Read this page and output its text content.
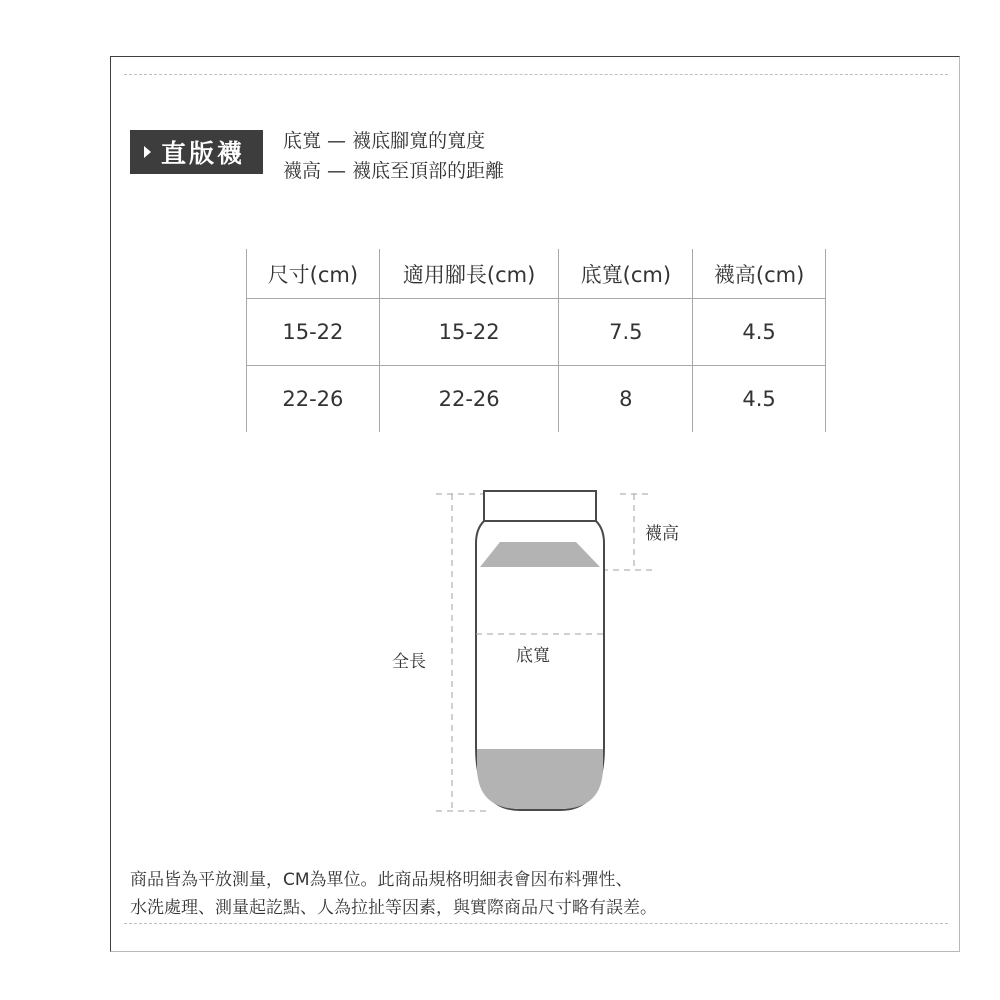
直版襪 底寬 — 襪底腳寬的寬度
襪高 — 襪底至頂部的距離
尺寸(cm)	適用腳長(cm)	底寬(cm)	襪高(cm)
15-22	15-22	7.5	4.5
22-26	22-26	8	4.5
襪高
全長	底寬
商品皆為平放測量，CM為單位。此商品規格明細表會因布料彈性、
水洗處理、測量起訖點、人為拉扯等因素，與實際商品尺寸略有誤差。
